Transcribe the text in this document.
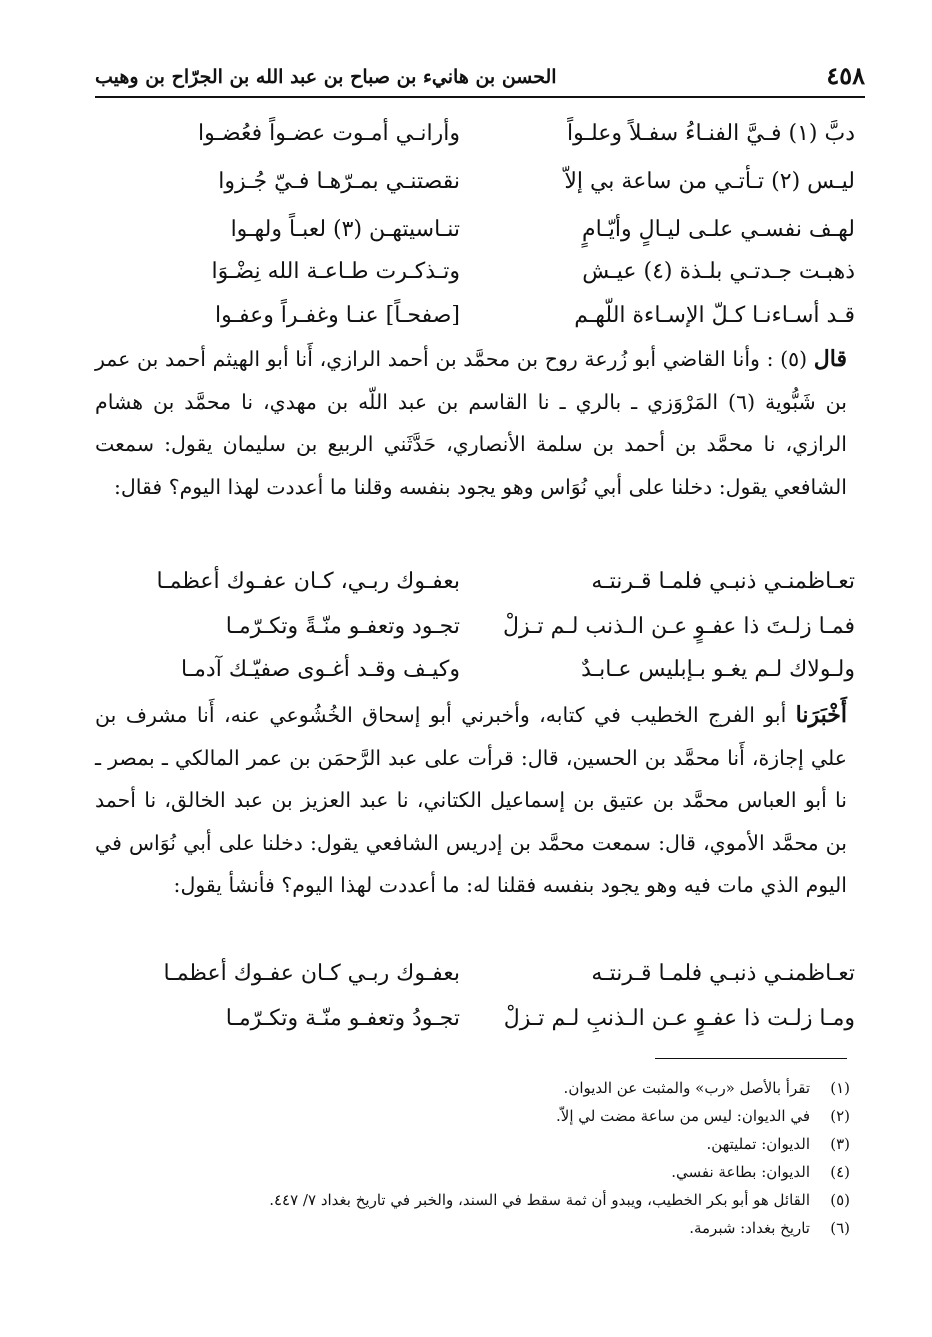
٤٥٨
الحسن بن هانيء بن صباح بن عبد الله بن الجرّاح بن وهيب
دبَّ (١) فـيَّ الفنـاءُ سفـلاً وعلـواً
وأرانـي أمـوت عضـواً فعُضـوا
ليـس (٢) تـأتـي من ساعة بي إلاّ
نقصتنـي بمـرّهـا فـيّ جُـزوا
لهـف نفسـي علـى ليـالٍ وأيّـامٍ
تنـاسيتهـن (٣) لعبـاً ولهـوا
ذهبـت جـدتـي بلـذة (٤) عيـش
وتـذكـرت طـاعـة الله نِضْـوَا
قـد أسـاءنـا كـلّ الإسـاءة اللّهـم
[صفحـاً] عنـا وغفـراً وعفـوا

قال (٥) : وأنا القاضي أبو زُرعة روح بن محمَّد بن أحمد الرازي، أَنا أبو الهيثم أحمد بن عمر بن شَبُّوية (٦) المَرْوَزي ـ بالري ـ نا القاسم بن عبد اللّه بن مهدي، نا محمَّد بن هشام الرازي، نا محمَّد بن أحمد بن سلمة الأنصاري، حَدَّثَني الربيع بن سليمان يقول: سمعت الشافعي يقول: دخلنا على أبي نُوَاس وهو يجود بنفسه وقلنا ما أعددت لهذا اليوم؟ فقال:

تعـاظمنـي ذنبـي فلمـا قـرنتـه
بعفـوك ربـي، كـان عفـوك أعظمـا
فمـا زلـتَ ذا عفـوٍ عـن الـذنب لـم تـزلْ
تجـود وتعفـو منّـةً وتكـرّمـا
ولـولاك لـم يغـو بـإبليس عـابـدٌ
وكيـف وقـد أغـوى صفيّـك آدمـا

أَخْبَرَنا أبو الفرج الخطيب في كتابه، وأخبرني أبو إسحاق الخُشُوعي عنه، أَنا مشرف بن علي إجازة، أَنا محمَّد بن الحسين، قال: قرأت على عبد الرَّحمَن بن عمر المالكي ـ بمصر ـ نا أبو العباس محمَّد بن عتيق بن إسماعيل الكتاني، نا عبد العزيز بن عبد الخالق، نا أحمد بن محمَّد الأموي، قال: سمعت محمَّد بن إدريس الشافعي يقول: دخلنا على أبي نُوَاس في اليوم الذي مات فيه وهو يجود بنفسه فقلنا له: ما أعددت لهذا اليوم؟ فأنشأ يقول:

تعـاظمنـي ذنبـي فلمـا قـرنتـه
بعفـوك ربـي كـان عفـوك أعظمـا
ومـا زلـت ذا عفـوٍ عـن الـذنبِ لـم تـزلْ
تجـودُ وتعفـو منّـة وتكـرّمـا
(١)
تقرأ بالأصل «رب» والمثبت عن الديوان.
(٢)
في الديوان: ليس من ساعة مضت لي إلاّ.
(٣)
الديوان: تمليتهن.
(٤)
الديوان: بطاعة نفسي.
(٥)
القائل هو أبو بكر الخطيب، ويبدو أن ثمة سقط في السند، والخبر في تاريخ بغداد ٧/ ٤٤٧.
(٦)
تاريخ بغداد: شبرمة.
